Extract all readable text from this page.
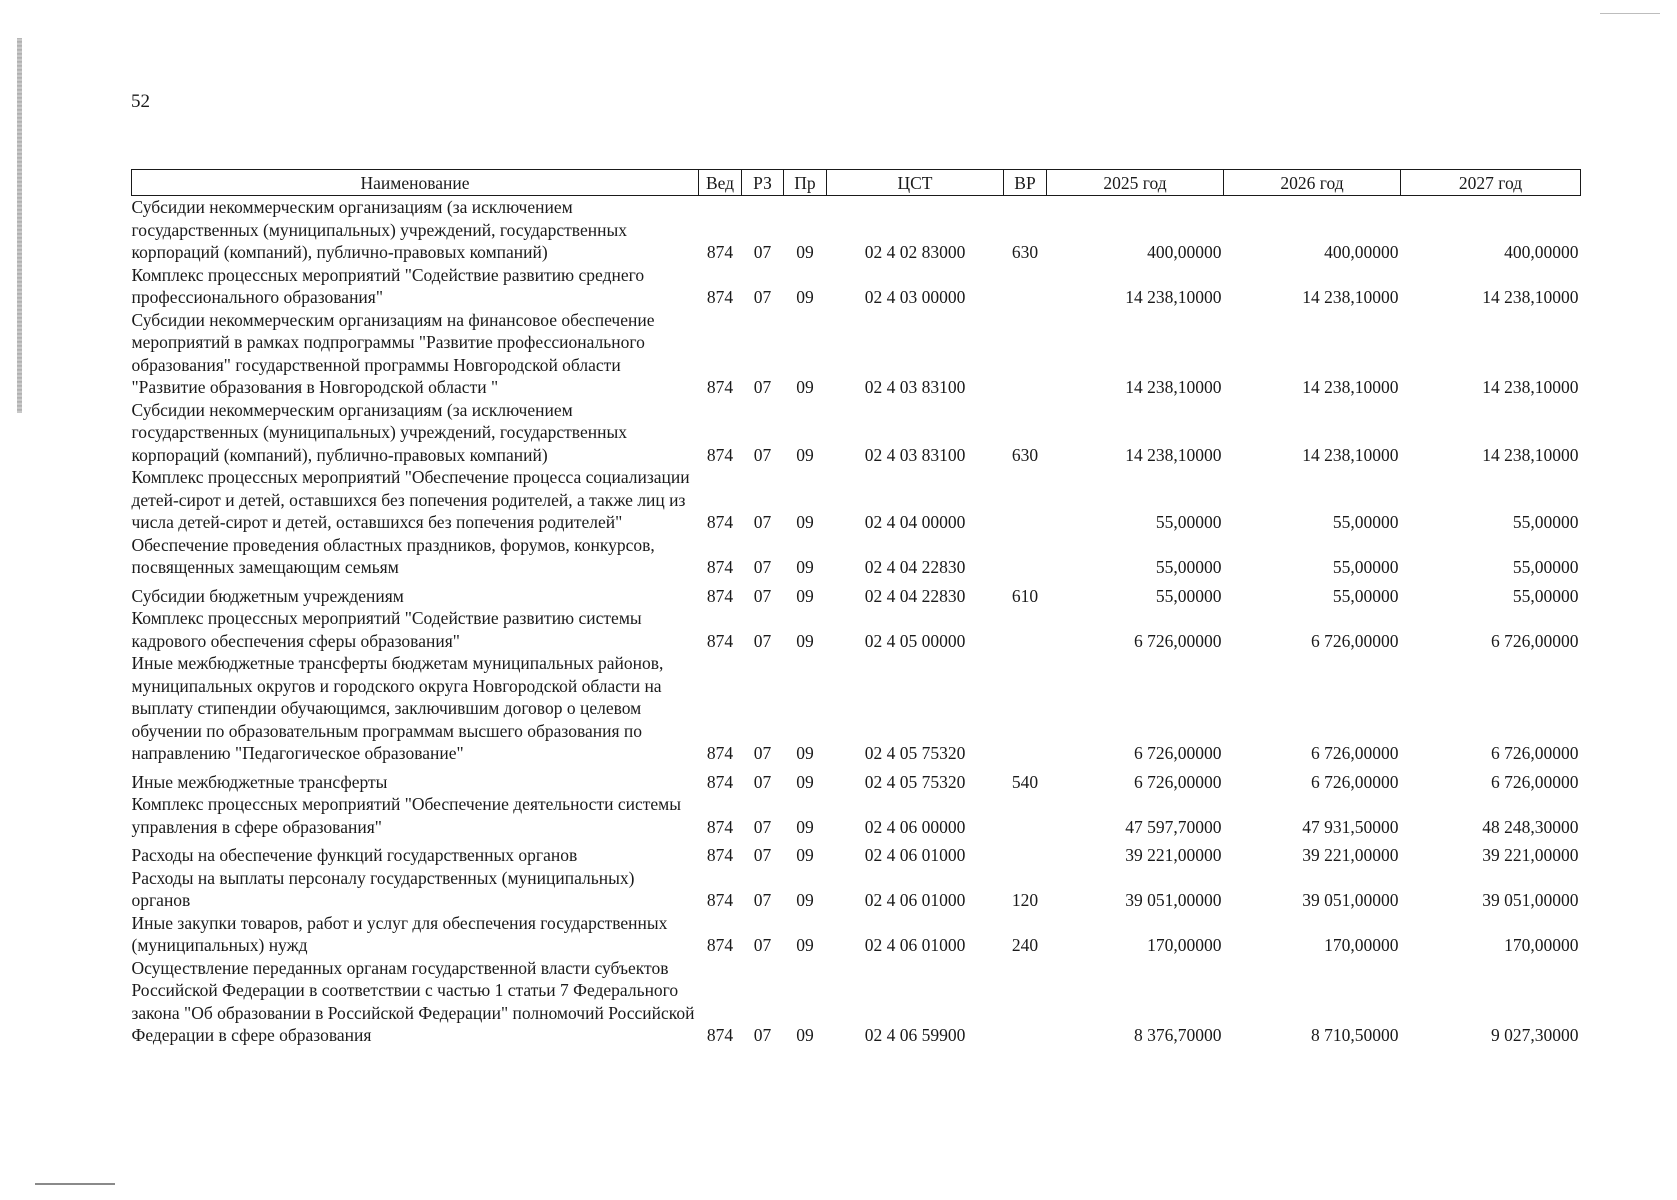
52
Наименование	Вед	РЗ	Пр	ЦСТ	ВР	2025 год	2026 год	2027 год
Субсидии некоммерческим организациям (за исключением государственных (муниципальных) учреждений, государственных корпораций (компаний), публично-правовых компаний)	874	07	09	02 4 02 83000	630	400,00000	400,00000	400,00000
Комплекс процессных мероприятий "Содействие развитию среднего профессионального образования"	874	07	09	02 4 03 00000		14 238,10000	14 238,10000	14 238,10000
Субсидии некоммерческим организациям на финансовое обеспечение мероприятий в рамках подпрограммы "Развитие профессионального образования" государственной программы Новгородской области "Развитие образования в Новгородской области "	874	07	09	02 4 03 83100		14 238,10000	14 238,10000	14 238,10000
Субсидии некоммерческим организациям (за исключением государственных (муниципальных) учреждений, государственных корпораций (компаний), публично-правовых компаний)	874	07	09	02 4 03 83100	630	14 238,10000	14 238,10000	14 238,10000
Комплекс процессных мероприятий "Обеспечение процесса социализации детей-сирот и детей, оставшихся без попечения родителей, а также лиц из числа детей-сирот и детей, оставшихся без попечения родителей"	874	07	09	02 4 04 00000		55,00000	55,00000	55,00000
Обеспечение проведения областных праздников, форумов, конкурсов, посвященных замещающим семьям	874	07	09	02 4 04 22830		55,00000	55,00000	55,00000
Субсидии бюджетным учреждениям	874	07	09	02 4 04 22830	610	55,00000	55,00000	55,00000
Комплекс процессных мероприятий "Содействие развитию системы кадрового обеспечения сферы образования"	874	07	09	02 4 05 00000		6 726,00000	6 726,00000	6 726,00000
Иные межбюджетные трансферты бюджетам муниципальных районов, муниципальных округов и городского округа Новгородской области на выплату стипендии обучающимся, заключившим договор о целевом обучении по образовательным программам высшего образования по направлению "Педагогическое образование"	874	07	09	02 4 05 75320		6 726,00000	6 726,00000	6 726,00000
Иные межбюджетные трансферты	874	07	09	02 4 05 75320	540	6 726,00000	6 726,00000	6 726,00000
Комплекс процессных мероприятий "Обеспечение деятельности системы управления в сфере образования"	874	07	09	02 4 06 00000		47 597,70000	47 931,50000	48 248,30000
Расходы на обеспечение функций государственных органов	874	07	09	02 4 06 01000		39 221,00000	39 221,00000	39 221,00000
Расходы на выплаты персоналу государственных (муниципальных) органов	874	07	09	02 4 06 01000	120	39 051,00000	39 051,00000	39 051,00000
Иные закупки товаров, работ и услуг для обеспечения государственных (муниципальных) нужд	874	07	09	02 4 06 01000	240	170,00000	170,00000	170,00000
Осуществление переданных органам государственной власти субъектов Российской Федерации в соответствии с частью 1 статьи 7 Федерального закона "Об образовании в Российской Федерации" полномочий Российской Федерации в сфере образования	874	07	09	02 4 06 59900		8 376,70000	8 710,50000	9 027,30000
